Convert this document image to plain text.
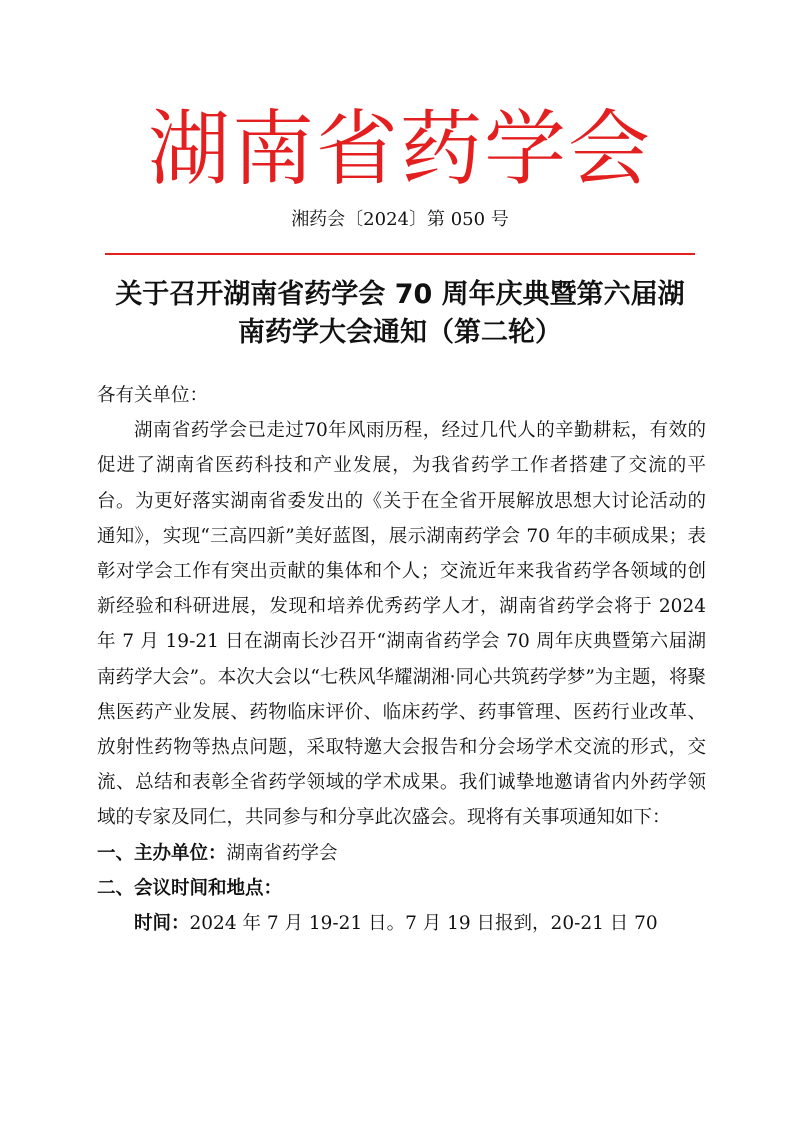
湖南省药学会
湘药会〔2024〕第 050 号
关于召开湖南省药学会 70 周年庆典暨第六届湖
南药学大会通知（第二轮）

各有关单位：

湖南省药学会已走过70年风雨历程，经过几代人的辛勤耕耘，有效的促进了湖南省医药科技和产业发展，为我省药学工作者搭建了交流的平台。为更好落实湖南省委发出的《关于在全省开展解放思想大讨论活动的通知》，实现“三高四新”美好蓝图，展示湖南药学会 70 年的丰硕成果；表彰对学会工作有突出贡献的集体和个人；交流近年来我省药学各领域的创新经验和科研进展，发现和培养优秀药学人才，湖南省药学会将于 2024 年 7 月 19-21 日在湖南长沙召开“湖南省药学会 70 周年庆典暨第六届湖南药学大会”。本次大会以“七秩风华耀湖湘·同心共筑药学梦”为主题，将聚焦医药产业发展、药物临床评价、临床药学、药事管理、医药行业改革、放射性药物等热点问题，采取特邀大会报告和分会场学术交流的形式，交流、总结和表彰全省药学领域的学术成果。我们诚挚地邀请省内外药学领域的专家及同仁，共同参与和分享此次盛会。现将有关事项通知如下：

一、主办单位：湖南省药学会

二、会议时间和地点：

时间：2024 年 7 月 19-21 日。7 月 19 日报到，20-21 日 70
